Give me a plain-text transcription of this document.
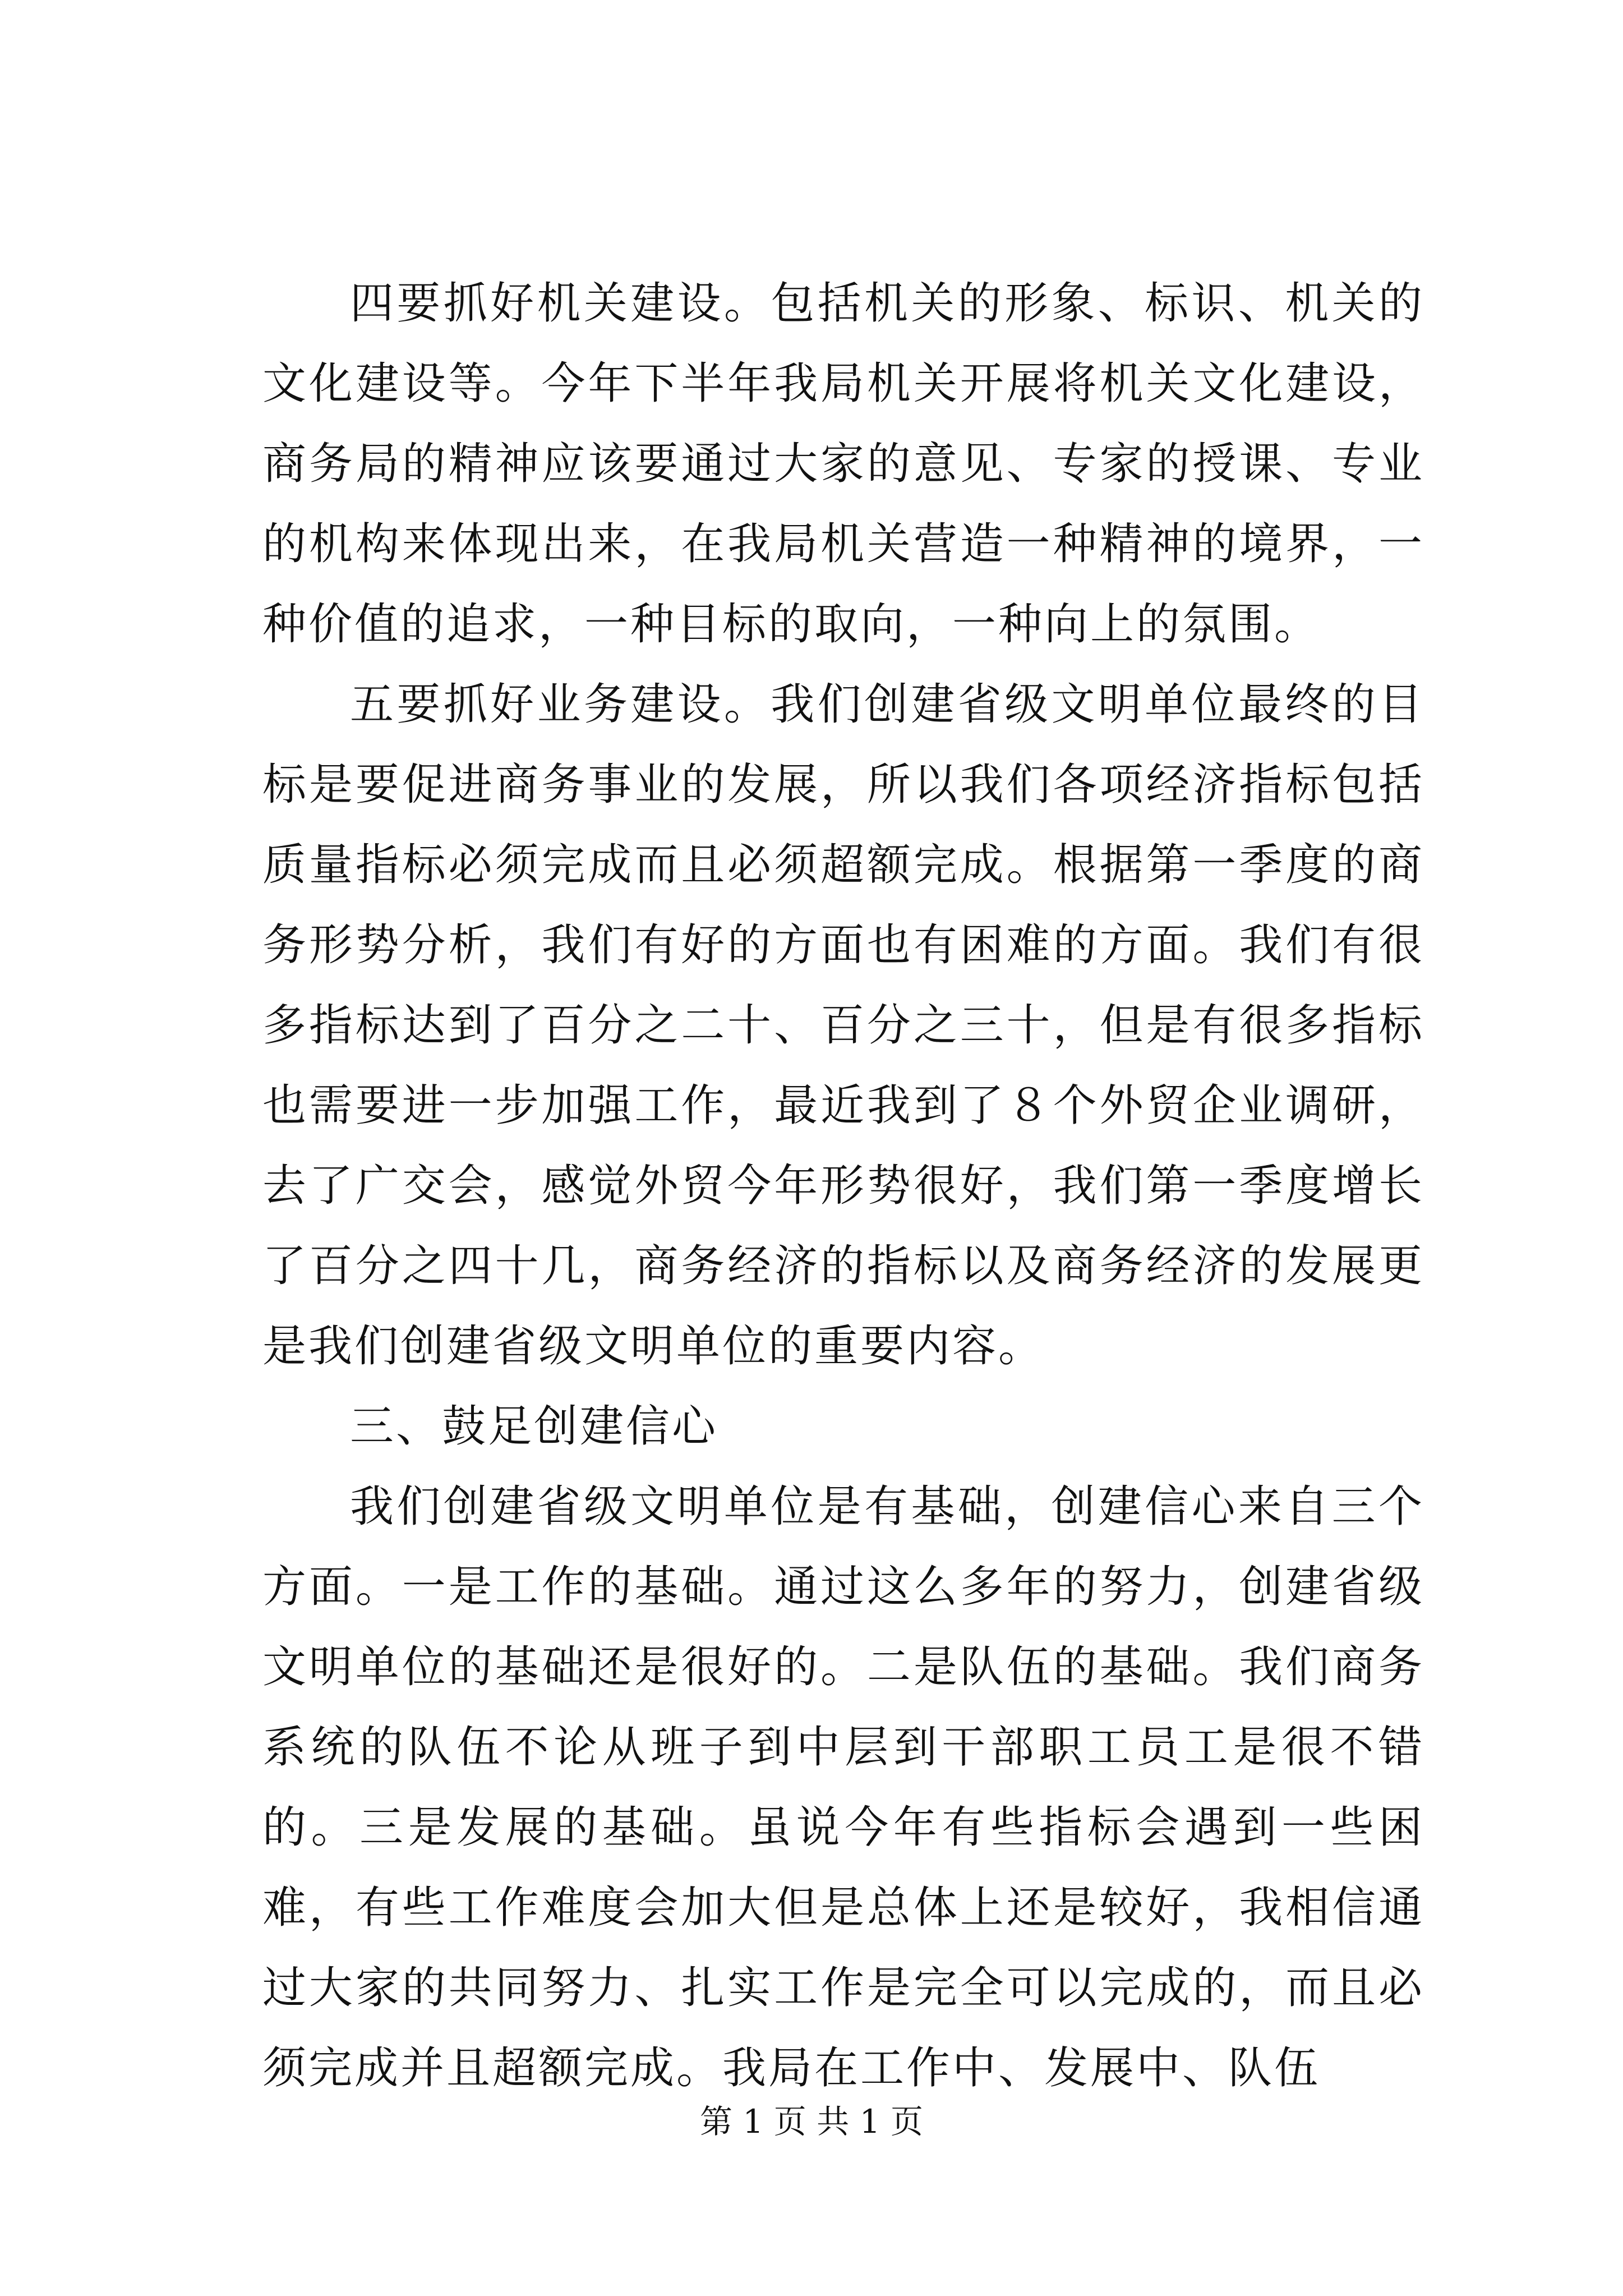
四要抓好机关建设。包括机关的形象、标识、机关的文化建设等。今年下半年我局机关开展将机关文化建设，商务局的精神应该要通过大家的意见、专家的授课、专业的机构来体现出来，在我局机关营造一种精神的境界，一种价值的追求，一种目标的取向，一种向上的氛围。

五要抓好业务建设。我们创建省级文明单位最终的目标是要促进商务事业的发展，所以我们各项经济指标包括质量指标必须完成而且必须超额完成。根据第一季度的商务形势分析，我们有好的方面也有困难的方面。我们有很多指标达到了百分之二十、百分之三十，但是有很多指标也需要进一步加强工作，最近我到了８个外贸企业调研，去了广交会，感觉外贸今年形势很好，我们第一季度增长了百分之四十几，商务经济的指标以及商务经济的发展更是我们创建省级文明单位的重要内容。

三、鼓足创建信心

我们创建省级文明单位是有基础，创建信心来自三个方面。一是工作的基础。通过这么多年的努力，创建省级文明单位的基础还是很好的。二是队伍的基础。我们商务系统的队伍不论从班子到中层到干部职工员工是很不错的。三是发展的基础。虽说今年有些指标会遇到一些困难，有些工作难度会加大但是总体上还是较好，我相信通过大家的共同努力、扎实工作是完全可以完成的，而且必须完成并且超额完成。我局在工作中、发展中、队伍

第 1 页 共 1 页
